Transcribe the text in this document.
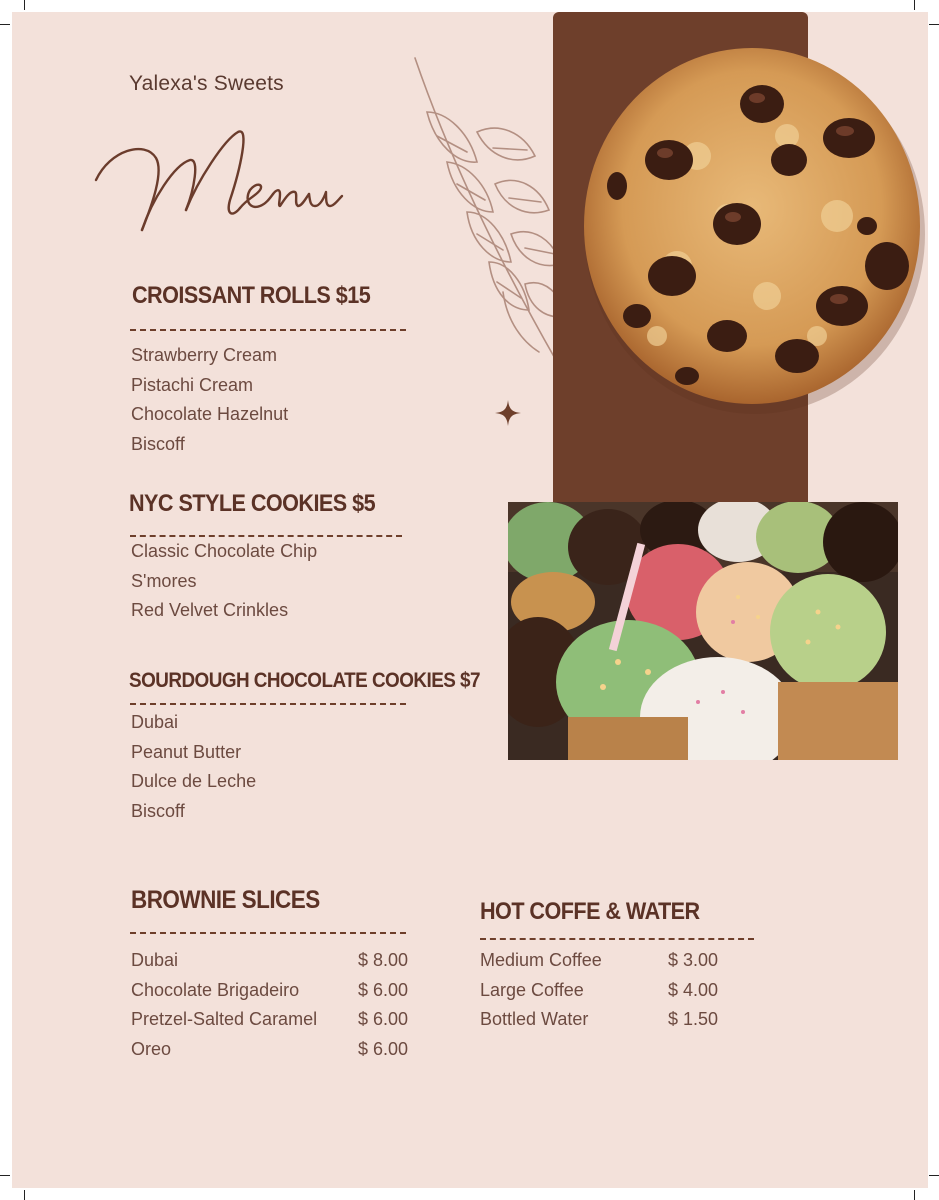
Yalexa's Sweets
CROISSANT ROLLS $15
Strawberry Cream
Pistachi Cream
Chocolate Hazelnut
Biscoff
NYC STYLE COOKIES $5
Classic Chocolate Chip
S'mores
Red Velvet Crinkles
SOURDOUGH CHOCOLATE COOKIES $7
Dubai
Peanut Butter
Dulce de Leche
Biscoff
BROWNIE SLICES
Dubai	$ 8.00
Chocolate Brigadeiro	$ 6.00
Pretzel-Salted Caramel $ 6.00
Oreo	$ 6.00
HOT COFFE & WATER
Medium Coffee	$ 3.00
Large Coffee	$ 4.00
Bottled Water	$ 1.50
